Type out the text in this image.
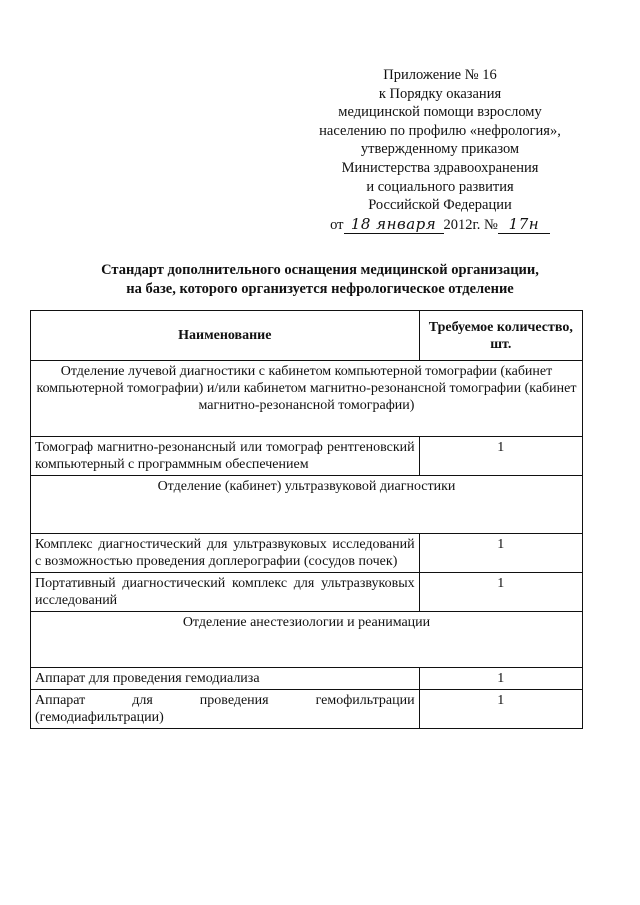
Приложение № 16
к Порядку оказания
медицинской помощи взрослому
населению по профилю «нефрология»,
утвержденному приказом
Министерства здравоохранения
и социального развития
Российской Федерации
от 18 января 2012г. № 17н
Стандарт дополнительного оснащения медицинской организации,
на базе, которого организуется нефрологическое отделение
Наименование	Требуемое количество, шт.
Отделение лучевой диагностики с кабинетом компьютерной томографии (кабинет компьютерной томографии) и/или кабинетом магнитно-резонансной томографии (кабинет магнитно-резонансной томографии)	
Томограф магнитно-резонансный или томограф рентгеновский компьютерный с программным обеспечением	1
Отделение (кабинет) ультразвуковой диагностики	
Комплекс диагностический для ультразвуковых исследований с возможностью проведения доплерографии (сосудов почек)	1
Портативный диагностический комплекс для ультразвуковых исследований	1
Отделение анестезиологии и реанимации	
Аппарат для проведения гемодиализа	1
Аппарат для проведения гемофильтрации (гемодиафильтрации)	1
